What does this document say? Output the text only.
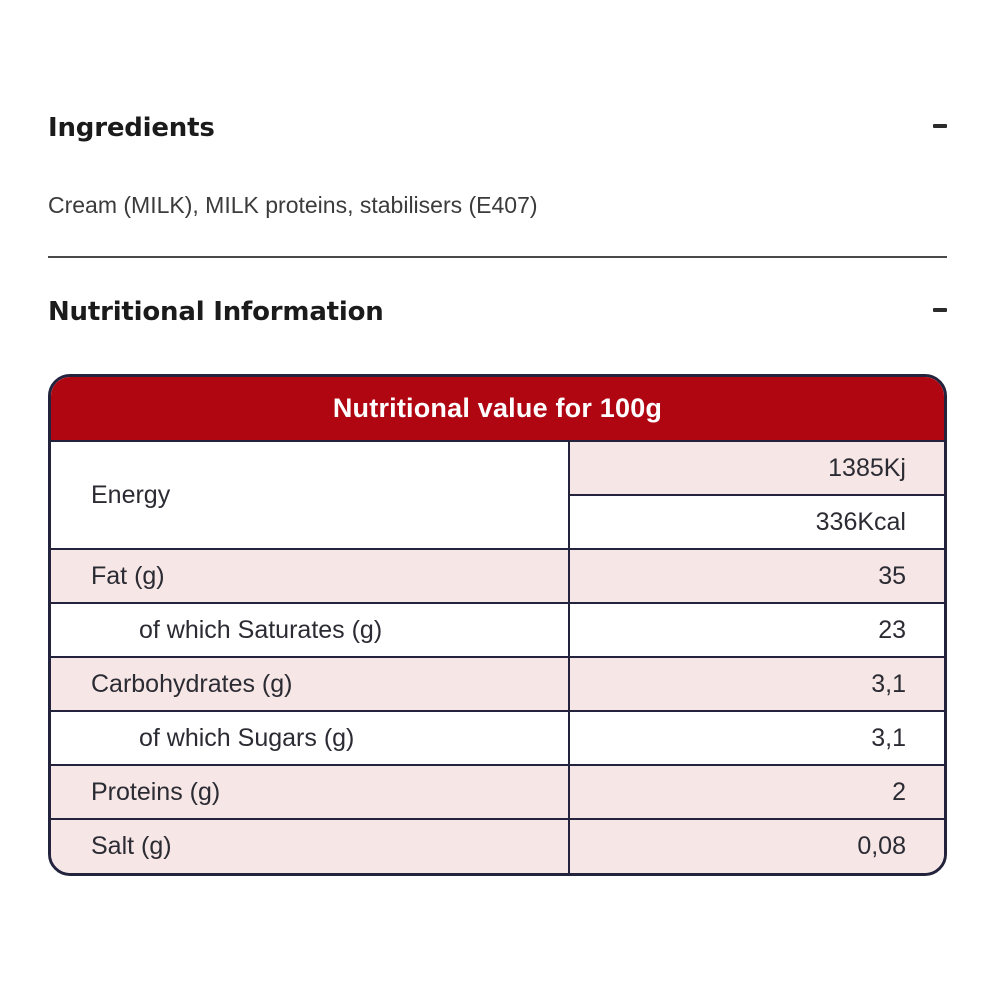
Ingredients

Cream (MILK), MILK proteins, stabilisers (E407)

Nutritional Information
Nutritional value for 100g	
Energy	1385Kj
	336Kcal
Fat (g)	35
of which Saturates (g)	23
Carbohydrates (g)	3,1
of which Sugars (g)	3,1
Proteins (g)	2
Salt (g)	0,08
